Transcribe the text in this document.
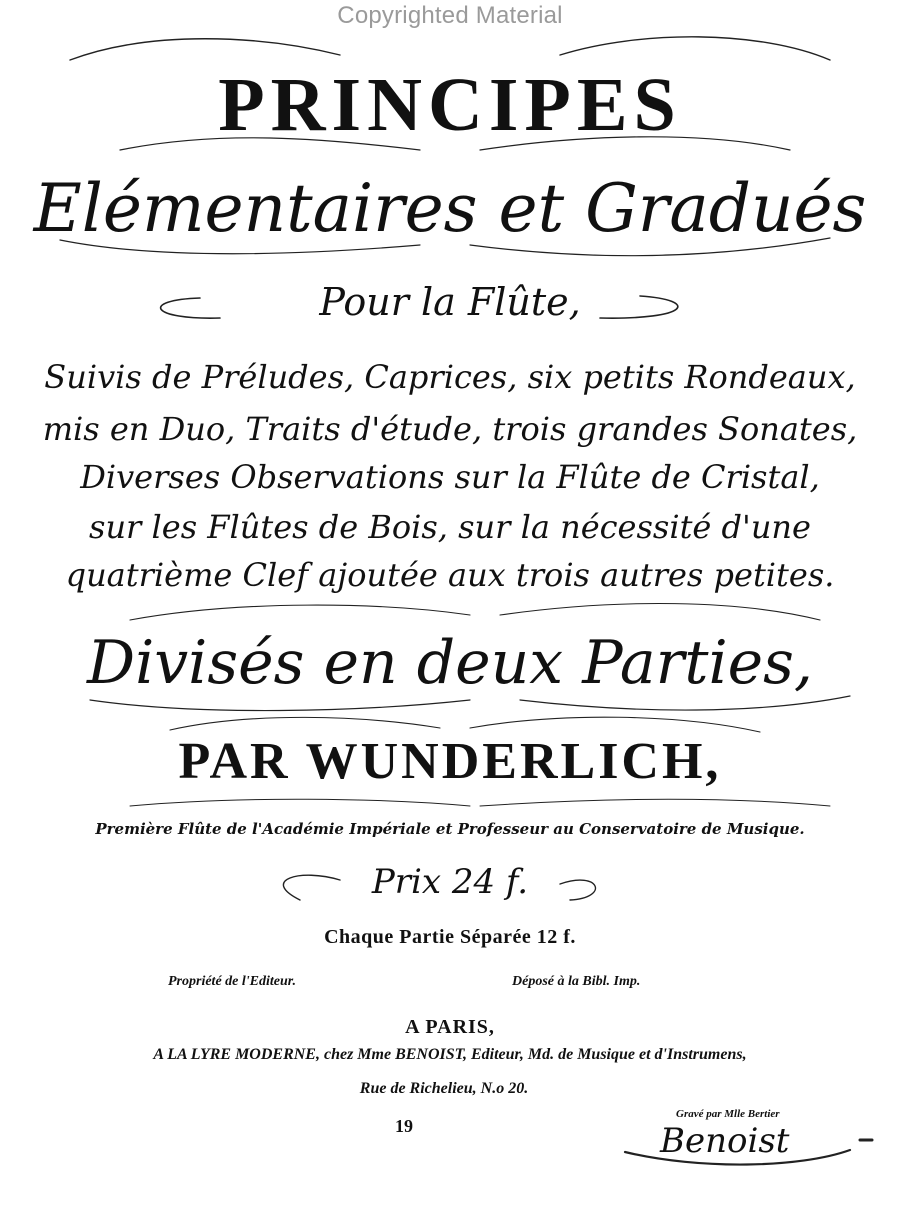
Copyrighted Material
PRINCIPES
Elémentaires et Gradués
Pour la Flûte,
Suivis de Préludes, Caprices, six petits Rondeaux,
mis en Duo, Traits d'étude, trois grandes Sonates,
Diverses Observations sur la Flûte de Cristal,
sur les Flûtes de Bois, sur la nécessité d'une
quatrième Clef ajoutée aux trois autres petites.
Divisés en deux Parties,
PAR WUNDERLICH,
Première Flûte de l'Académie Impériale et Professeur au Conservatoire de Musique.
Prix 24 f.
Chaque Partie Séparée 12 f.
Propriété de l'Editeur.	Déposé à la Bibl. Imp.
A PARIS,
A LA LYRE MODERNE, chez Mme BENOIST, Editeur, Md. de Musique et d'Instrumens,
Rue de Richelieu, N.o 20.
19
Gravé par Mlle Bertier
Benoist
